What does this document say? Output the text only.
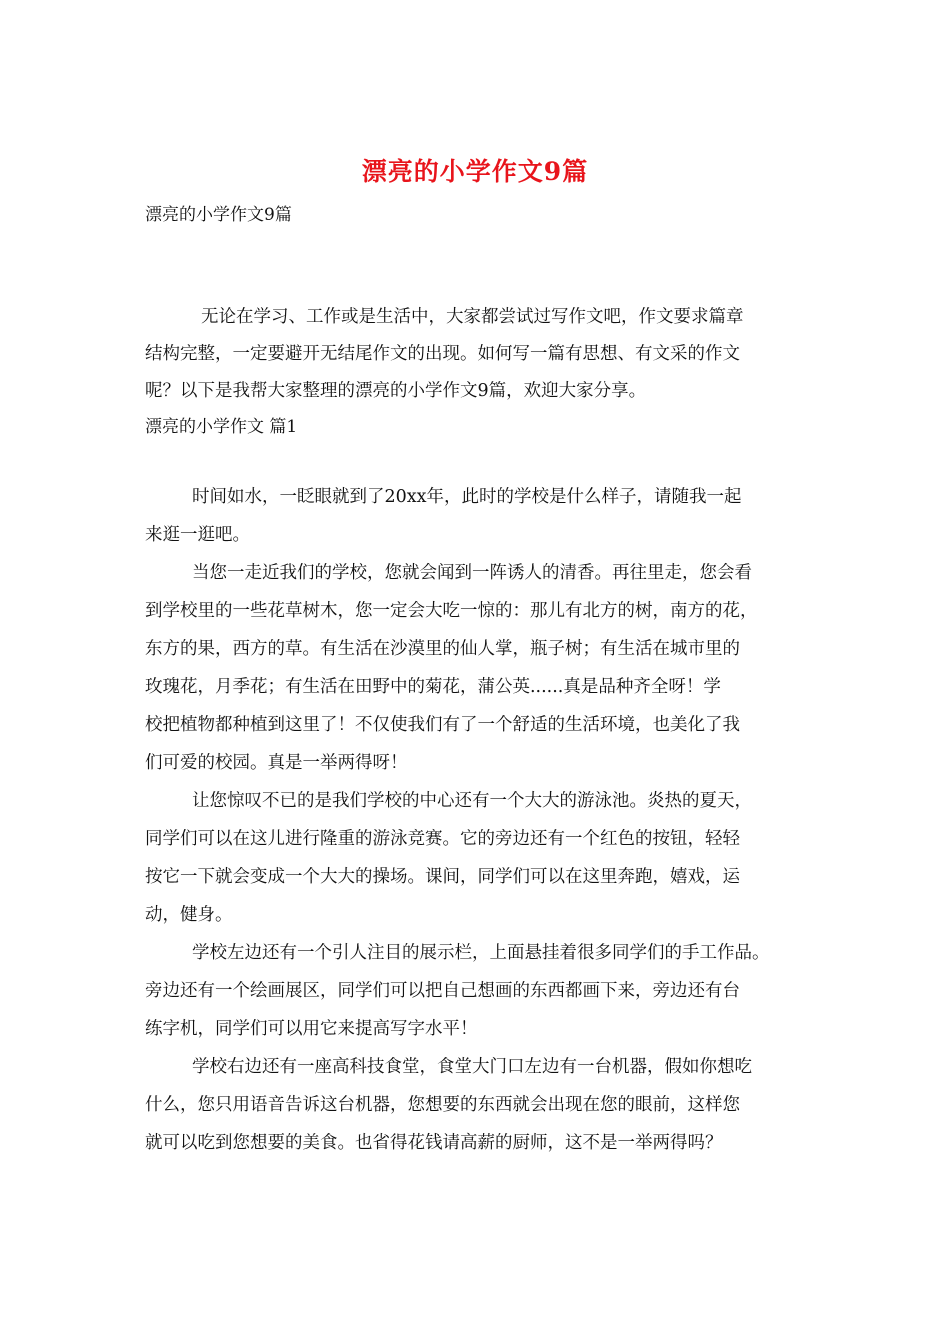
漂亮的小学作文9篇
漂亮的小学作文9篇
无论在学习、工作或是生活中，大家都尝试过写作文吧，作文要求篇章
结构完整，一定要避开无结尾作文的出现。如何写一篇有思想、有文采的作文
呢？以下是我帮大家整理的漂亮的小学作文9篇，欢迎大家分享。
漂亮的小学作文 篇1

时间如水，一眨眼就到了20xx年，此时的学校是什么样子，请随我一起
来逛一逛吧。

当您一走近我们的学校，您就会闻到一阵诱人的清香。再往里走，您会看
到学校里的一些花草树木，您一定会大吃一惊的：那儿有北方的树，南方的花，
东方的果，西方的草。有生活在沙漠里的仙人掌，瓶子树；有生活在城市里的
玫瑰花，月季花；有生活在田野中的菊花，蒲公英......真是品种齐全呀！学
校把植物都种植到这里了！不仅使我们有了一个舒适的生活环境，也美化了我
们可爱的校园。真是一举两得呀！

让您惊叹不已的是我们学校的中心还有一个大大的游泳池。炎热的夏天，
同学们可以在这儿进行隆重的游泳竞赛。它的旁边还有一个红色的按钮，轻轻
按它一下就会变成一个大大的操场。课间，同学们可以在这里奔跑，嬉戏，运
动，健身。

学校左边还有一个引人注目的展示栏，上面悬挂着很多同学们的手工作品。
旁边还有一个绘画展区，同学们可以把自己想画的东西都画下来，旁边还有台
练字机，同学们可以用它来提高写字水平！

学校右边还有一座高科技食堂，食堂大门口左边有一台机器，假如你想吃
什么，您只用语音告诉这台机器，您想要的东西就会出现在您的眼前，这样您
就可以吃到您想要的美食。也省得花钱请高薪的厨师，这不是一举两得吗？
